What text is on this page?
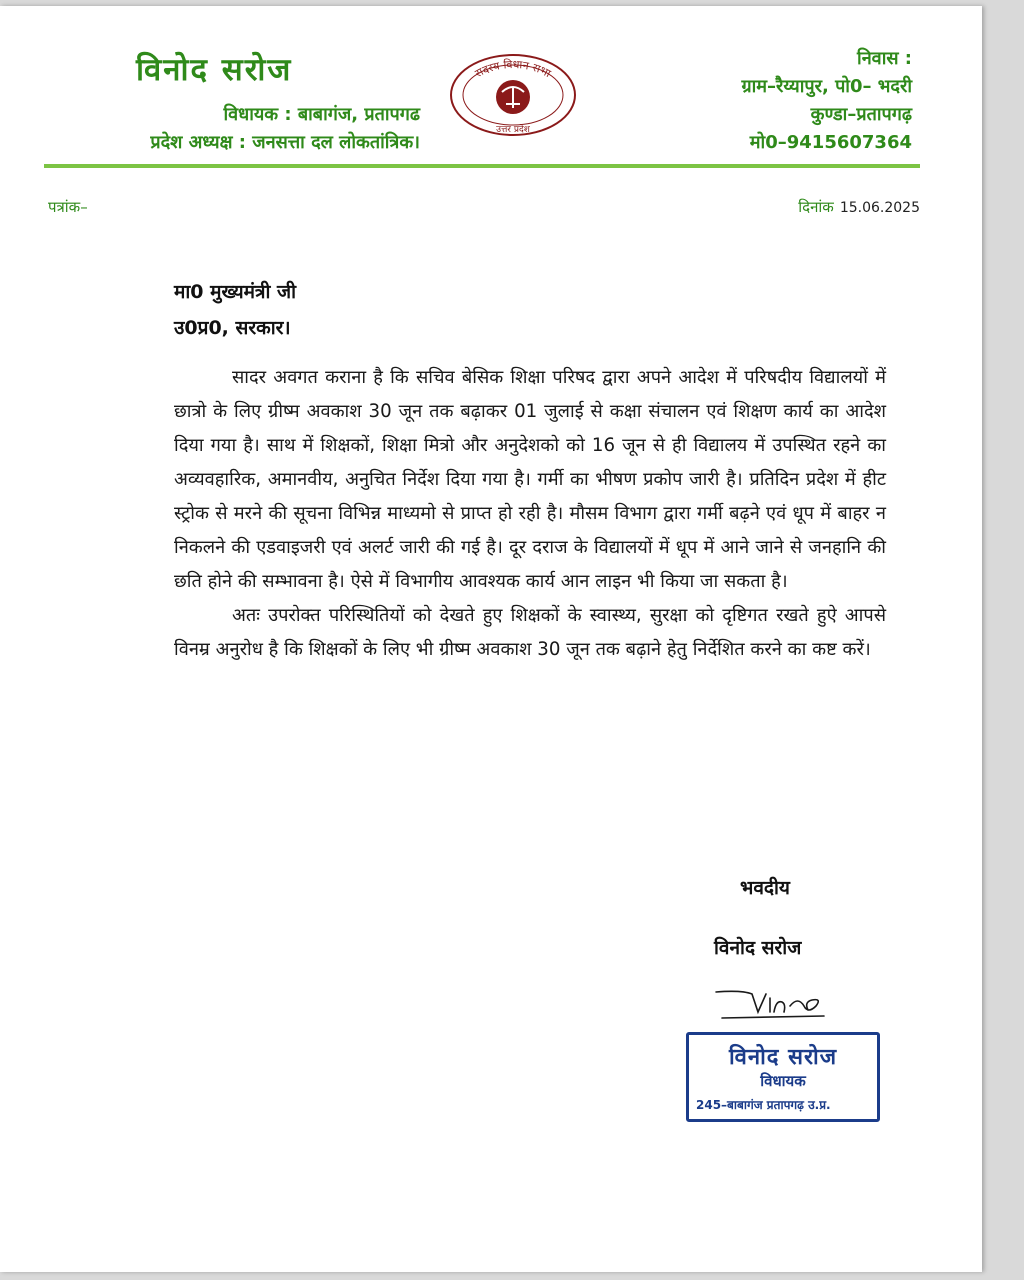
विनोद सरोज
विधायक : बाबागंज, प्रतापगढ
प्रदेश अध्यक्ष : जनसत्ता दल लोकतांत्रिक।
सदस्य विधान सभा
उत्तर प्रदेश
निवास :
ग्राम–रैय्यापुर, पो0– भदरी
कुण्डा–प्रतापगढ़
मो0–9415607364
पत्रांक–	दिनांक 15.06.2025
मा0 मुख्यमंत्री जी
उ0प्र0, सरकार।

सादर अवगत कराना है कि सचिव बेसिक शिक्षा परिषद द्वारा अपने आदेश में परिषदीय विद्यालयों में छात्रो के लिए ग्रीष्म अवकाश 30 जून तक बढ़ाकर 01 जुलाई से कक्षा संचालन एवं शिक्षण कार्य का आदेश दिया गया है। साथ में शिक्षकों, शिक्षा मित्रो और अनुदेशको को 16 जून से ही विद्यालय में उपस्थित रहने का अव्यवहारिक, अमानवीय, अनुचित निर्देश दिया गया है। गर्मी का भीषण प्रकोप जारी है। प्रतिदिन प्रदेश में हीट स्ट्रोक से मरने की सूचना विभिन्न माध्यमो से प्राप्त हो रही है। मौसम विभाग द्वारा गर्मी बढ़ने एवं धूप में बाहर न निकलने की एडवाइजरी एवं अलर्ट जारी की गई है। दूर दराज के विद्यालयों में धूप में आने जाने से जनहानि की छति होने की सम्भावना है। ऐसे में विभागीय आवश्यक कार्य आन लाइन भी किया जा सकता है।

अतः उपरोक्त परिस्थितियों को देखते हुए शिक्षकों के स्वास्थ्य, सुरक्षा को दृष्टिगत रखते हुऐ आपसे विनम्र अनुरोध है कि शिक्षकों के लिए भी ग्रीष्म अवकाश 30 जून तक बढ़ाने हेतु निर्देशित करने का कष्ट करें।

भवदीय
विनोद सरोज
विनोद सरोज
विधायक
245–बाबागंज प्रतापगढ़ उ.प्र.
